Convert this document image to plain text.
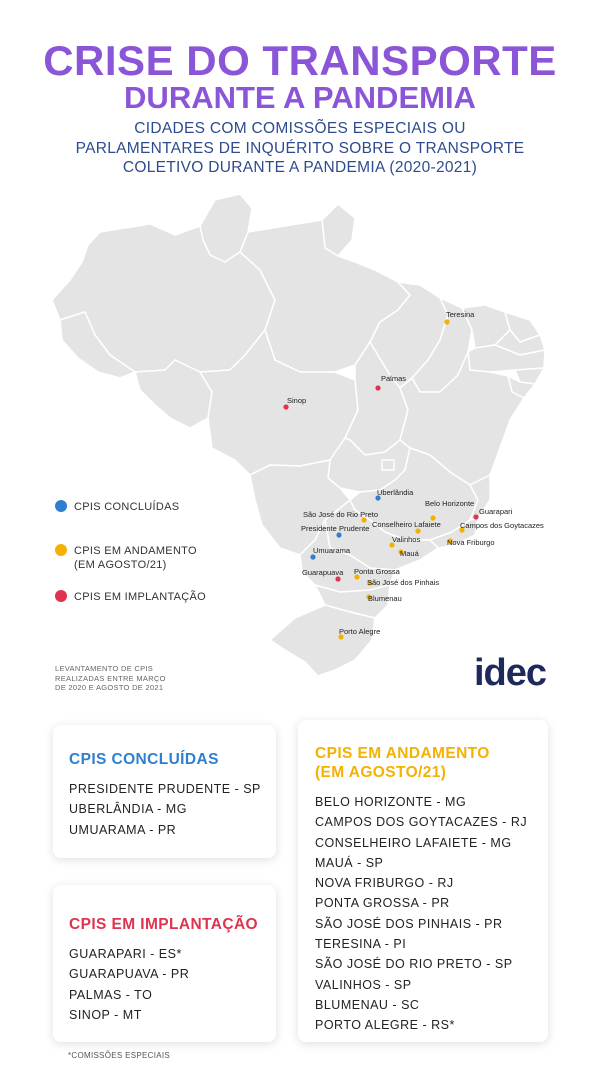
CRISE DO TRANSPORTE
DURANTE A PANDEMIA
CIDADES COM COMISSÕES ESPECIAIS OU
PARLAMENTARES DE INQUÉRITO SOBRE O TRANSPORTE
COLETIVO DURANTE A PANDEMIA (2020-2021)
Teresina
Palmas
Sinop
Uberlândia
Belo Horizonte
Guarapari
Campos dos Goytacazes
São José do Rio Preto
Conselheiro Lafaiete
Presidente Prudente
Nova Friburgo
Valinhos
Mauá
Umuarama
Guarapuava Ponta Grossa
São José dos Pinhais
Blumenau
Porto Alegre
CPIS CONCLUÍDAS
CPIS EM ANDAMENTO
(EM AGOSTO/21)
CPIS EM IMPLANTAÇÃO
LEVANTAMENTO DE CPIS
REALIZADAS ENTRE MARÇO
DE 2020 E AGOSTO DE 2021	idec
CPIS CONCLUÍDAS
PRESIDENTE PRUDENTE - SP
UBERLÂNDIA - MG
UMUARAMA - PR
CPIS EM IMPLANTAÇÃO
GUARAPARI - ES*
GUARAPUAVA - PR
PALMAS - TO
SINOP - MT
CPIS EM ANDAMENTO
(EM AGOSTO/21)
BELO HORIZONTE - MG
CAMPOS DOS GOYTACAZES - RJ
CONSELHEIRO LAFAIETE - MG
MAUÁ - SP
NOVA FRIBURGO - RJ
PONTA GROSSA - PR
SÃO JOSÉ DOS PINHAIS - PR
TERESINA - PI
SÃO JOSÉ DO RIO PRETO - SP
VALINHOS - SP
BLUMENAU - SC
PORTO ALEGRE - RS*
*COMISSÕES ESPECIAIS
